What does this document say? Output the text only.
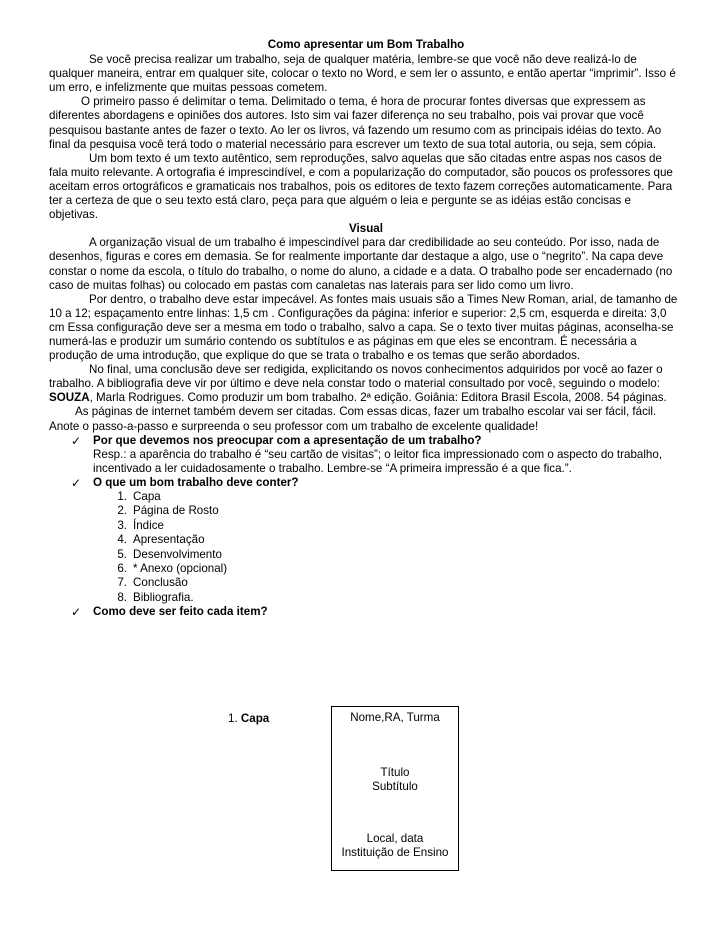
Como apresentar um Bom Trabalho

Se você precisa realizar um trabalho, seja de qualquer matéria, lembre-se que você não deve realizá-lo de qualquer maneira, entrar em qualquer site, colocar o texto no Word, e sem ler o assunto, e então apertar “imprimir”. Isso é um erro, e infelizmente que muitas pessoas cometem.

O primeiro passo é delimitar o tema. Delimitado o tema, é hora de procurar fontes diversas que expressem as diferentes abordagens e opiniões dos autores. Isto sim vai fazer diferença no seu trabalho, pois vai provar que você pesquisou bastante antes de fazer o texto. Ao ler os livros, vá fazendo um resumo com as principais idéias do texto. Ao final da pesquisa você terá todo o material necessário para escrever um texto de sua total autoria, ou seja, sem cópia.

Um bom texto é um texto autêntico, sem reproduções, salvo aquelas que são citadas entre aspas nos casos de fala muito relevante. A ortografia é imprescindível, e com a popularização do computador, são poucos os professores que aceitam erros ortográficos e gramaticais nos trabalhos, pois os editores de texto fazem correções automaticamente. Para ter a certeza de que o seu texto está claro, peça para que alguém o leia e pergunte se as idéias estão concisas e objetivas.

Visual

A organização visual de um trabalho é impescindível para dar credibilidade ao seu conteúdo. Por isso, nada de desenhos, figuras e cores em demasia. Se for realmente importante dar destaque a algo, use o “negrito”. Na capa deve constar o nome da escola, o título do trabalho, o nome do aluno, a cidade e a data. O trabalho pode ser encadernado (no caso de muitas folhas) ou colocado em pastas com canaletas nas laterais para ser lido como um livro.

Por dentro, o trabalho deve estar impecável. As fontes mais usuais são a Times New Roman, arial, de tamanho de 10 a 12; espaçamento entre linhas: 1,5 cm . Configurações da página: inferior e superior: 2,5 cm, esquerda e direita: 3,0 cm Essa configuração deve ser a mesma em todo o trabalho, salvo a capa. Se o texto tiver muitas páginas, aconselha-se numerá-las e produzir um sumário contendo os subtítulos e as páginas em que eles se encontram. É necessária a produção de uma introdução, que explique do que se trata o trabalho e os temas que serão abordados.

No final, uma conclusão deve ser redigida, explicitando os novos conhecimentos adquiridos por você ao fazer o trabalho. A bibliografia deve vir por último e deve nela constar todo o material consultado por você, seguindo o modelo: SOUZA, Marla Rodrigues. Como produzir um bom trabalho. 2ª edição. Goiânia: Editora Brasil Escola, 2008. 54 páginas.

As páginas de internet também devem ser citadas. Com essas dicas, fazer um trabalho escolar vai ser fácil, fácil. Anote o passo-a-passo e surpreenda o seu professor com um trabalho de excelente qualidade!

✓ Por que devemos nos preocupar com a apresentação de um trabalho?

Resp.: a aparência do trabalho é “seu cartão de visitas”; o leitor fica impressionado com o aspecto do trabalho, incentivado a ler cuidadosamente o trabalho. Lembre-se “A primeira impressão é a que fica.”.

✓ O que um bom trabalho deve conter?
1. Capa
2. Página de Rosto
3. Índice
4. Apresentação
5. Desenvolvimento
6. * Anexo (opcional)
7. Conclusão
8. Bibliografia.
✓ Como deve ser feito cada item?
1. Capa	Nome,RA, Turma
Título
Subtítulo
Local, data
Instituição de Ensino
